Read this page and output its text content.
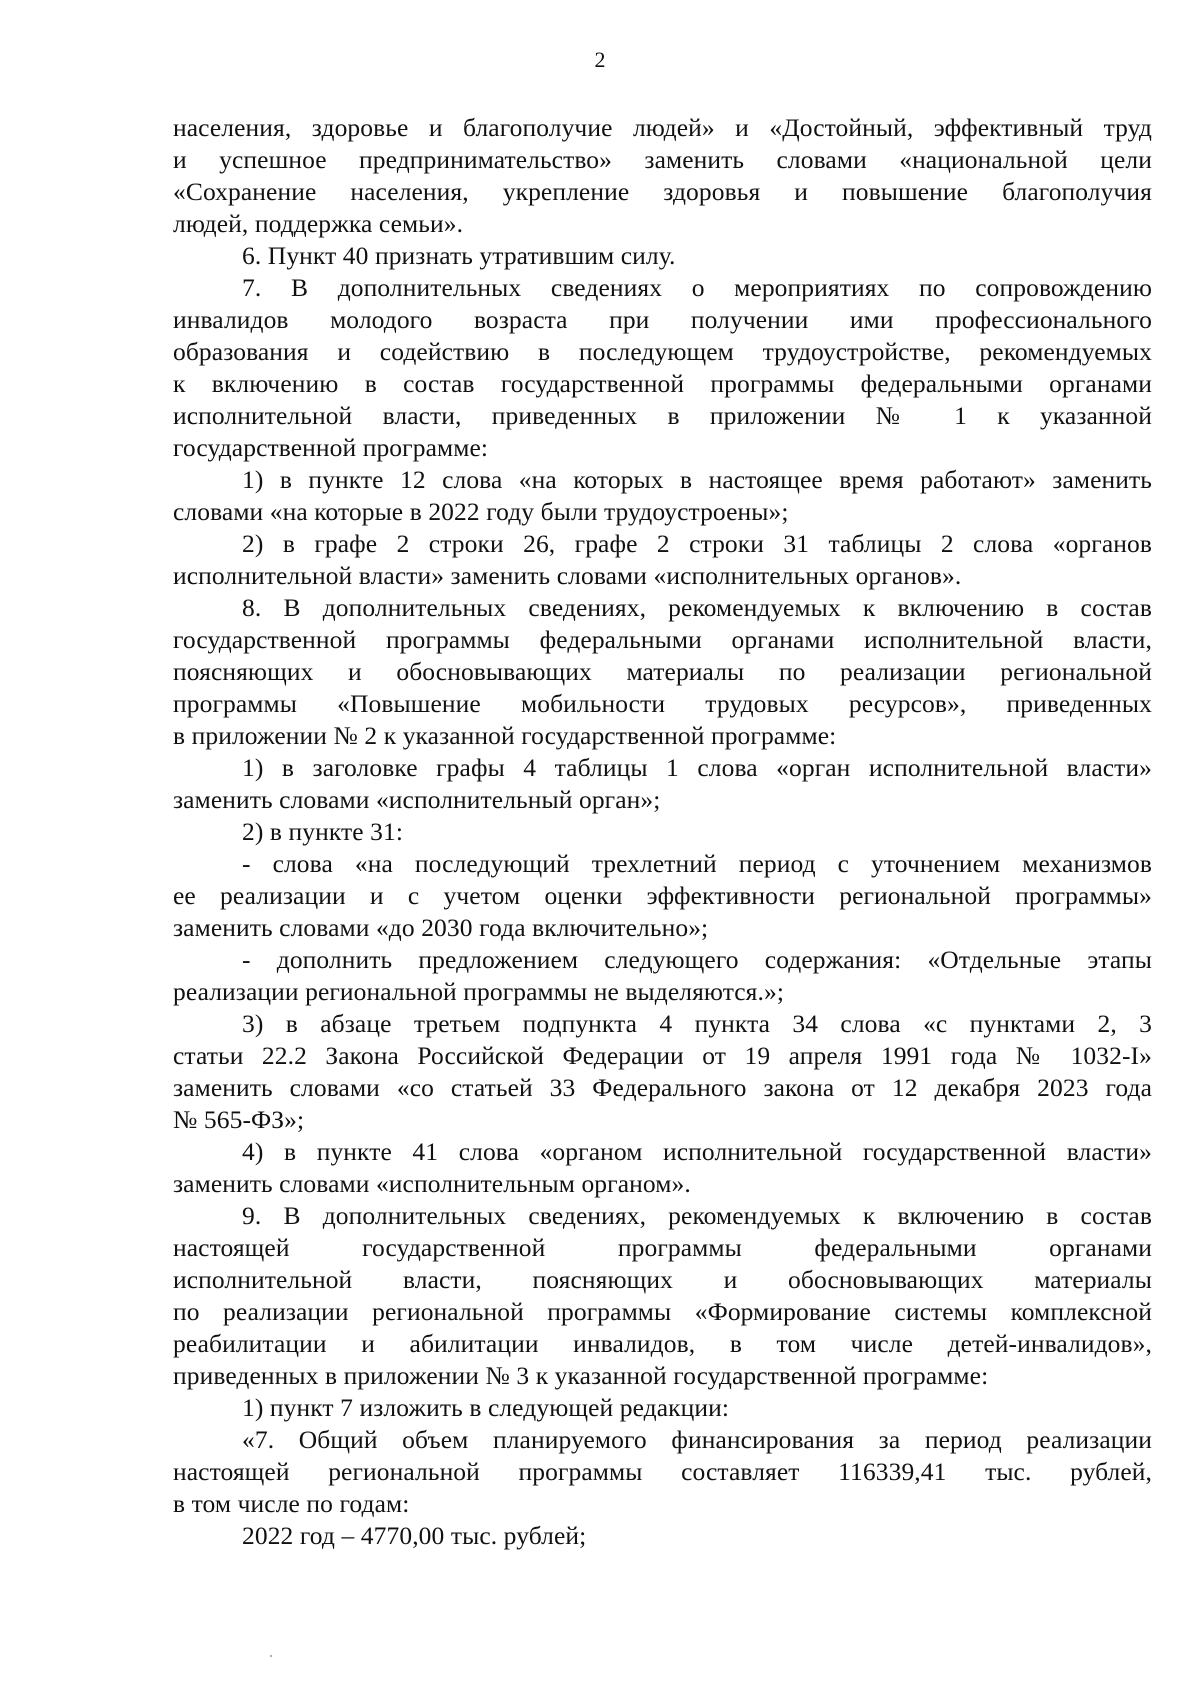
2
населения, здоровье и благополучие людей» и «Достойный, эффективный труд
и успешное предпринимательство» заменить словами «национальной цели
«Сохранение населения, укрепление здоровья и повышение благополучия
людей, поддержка семьи».
6. Пункт 40 признать утратившим силу.
7. В дополнительных сведениях о мероприятиях по сопровождению
инвалидов молодого возраста при получении ими профессионального
образования и содействию в последующем трудоустройстве, рекомендуемых
к включению в состав государственной программы федеральными органами
исполнительной власти, приведенных в приложении № 1 к указанной
государственной программе:
1) в пункте 12 слова «на которых в настоящее время работают» заменить
словами «на которые в 2022 году были трудоустроены»;
2) в графе 2 строки 26, графе 2 строки 31 таблицы 2 слова «органов
исполнительной власти» заменить словами «исполнительных органов».
8. В дополнительных сведениях, рекомендуемых к включению в состав
государственной программы федеральными органами исполнительной власти,
поясняющих и обосновывающих материалы по реализации региональной
программы «Повышение мобильности трудовых ресурсов», приведенных
в приложении № 2 к указанной государственной программе:
1) в заголовке графы 4 таблицы 1 слова «орган исполнительной власти»
заменить словами «исполнительный орган»;
2) в пункте 31:
- слова «на последующий трехлетний период с уточнением механизмов
ее реализации и с учетом оценки эффективности региональной программы»
заменить словами «до 2030 года включительно»;
- дополнить предложением следующего содержания: «Отдельные этапы
реализации региональной программы не выделяются.»;
3) в абзаце третьем подпункта 4 пункта 34 слова «с пунктами 2, 3
статьи 22.2 Закона Российской Федерации от 19 апреля 1991 года № 1032-I»
заменить словами «со статьей 33 Федерального закона от 12 декабря 2023 года
№ 565-ФЗ»;
4) в пункте 41 слова «органом исполнительной государственной власти»
заменить словами «исполнительным органом».
9. В дополнительных сведениях, рекомендуемых к включению в состав
настоящей государственной программы федеральными органами
исполнительной власти, поясняющих и обосновывающих материалы
по реализации региональной программы «Формирование системы комплексной
реабилитации и абилитации инвалидов, в том числе детей-инвалидов»,
приведенных в приложении № 3 к указанной государственной программе:
1) пункт 7 изложить в следующей редакции:
«7. Общий объем планируемого финансирования за период реализации
настоящей региональной программы составляет 116339,41 тыс. рублей,
в том числе по годам:
2022 год – 4770,00 тыс. рублей;
